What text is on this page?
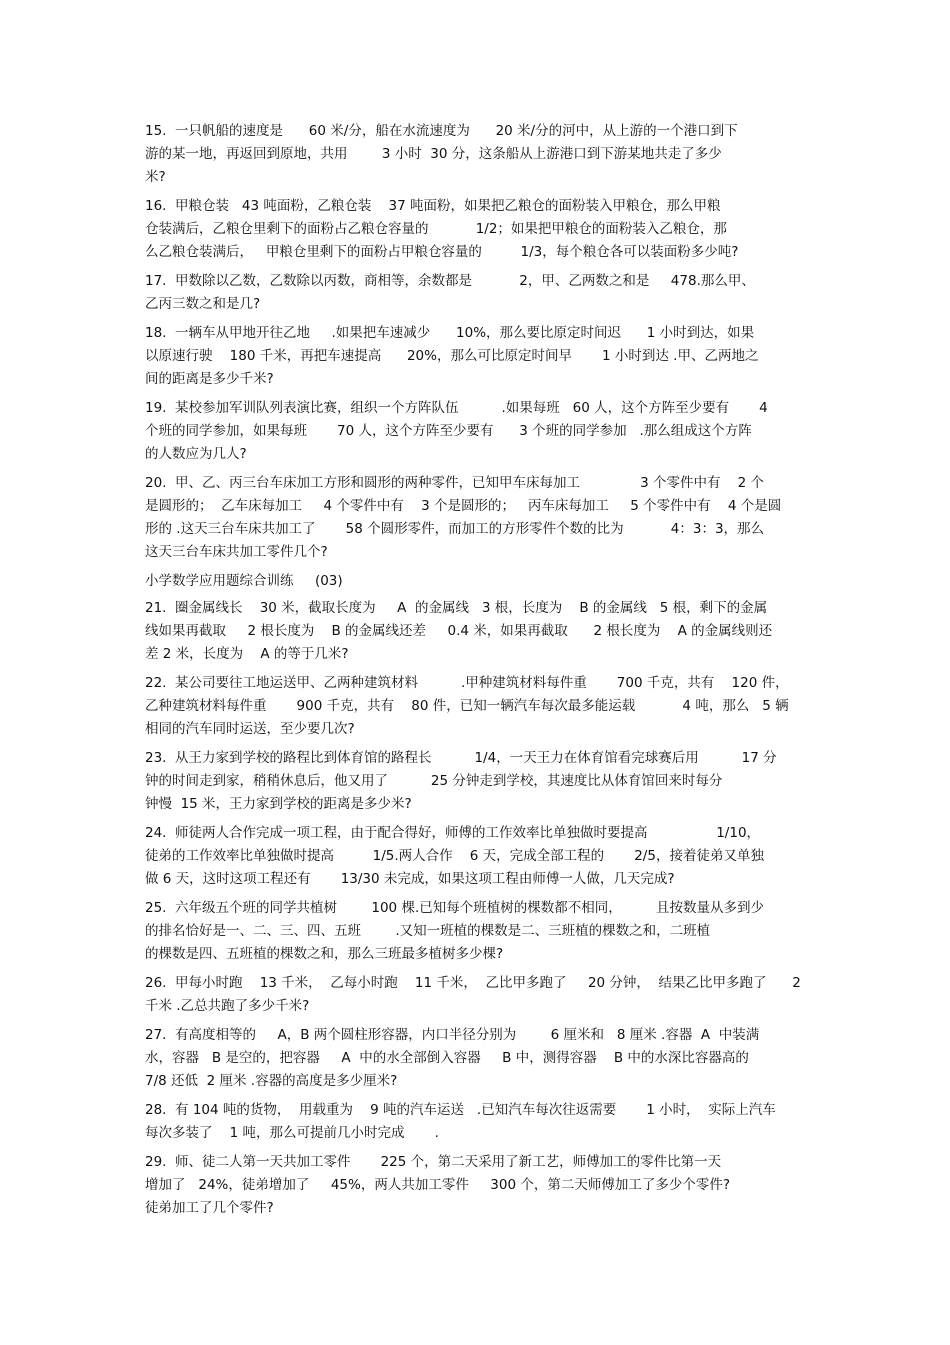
15.  一只帆船的速度是      60 米/分，船在水流速度为      20 米/分的河中，从上游的一个港口到下
游的某一地，再返回到原地，共用        3 小时  30 分，这条船从上游港口到下游某地共走了多少
米?
16.  甲粮仓装   43 吨面粉，乙粮仓装    37 吨面粉，如果把乙粮仓的面粉装入甲粮仓，那么甲粮
仓装满后，乙粮仓里剩下的面粉占乙粮仓容量的           1/2；如果把甲粮仓的面粉装入乙粮仓，那
么乙粮仓装满后，   甲粮仓里剩下的面粉占甲粮仓容量的         1/3，每个粮仓各可以装面粉多少吨?
17.  甲数除以乙数，乙数除以丙数，商相等，余数都是           2，甲、乙两数之和是     478.那么甲、
乙丙三数之和是几?
18.  一辆车从甲地开往乙地     .如果把车速减少      10%，那么要比原定时间迟      1 小时到达，如果
以原速行驶    180 千米，再把车速提高      20%，那么可比原定时间早       1 小时到达 .甲、乙两地之
间的距离是多少千米?
19.  某校参加军训队列表演比赛，组织一个方阵队伍          .如果每班   60 人，这个方阵至少要有       4
个班的同学参加，如果每班       70 人，这个方阵至少要有      3 个班的同学参加   .那么组成这个方阵
的人数应为几人?
20.  甲、乙、丙三台车床加工方形和圆形的两种零件，已知甲车床每加工              3 个零件中有    2 个
是圆形的；  乙车床每加工     4 个零件中有    3 个是圆形的；   丙车床每加工     5 个零件中有    4 个是圆
形的 .这天三台车床共加工了       58 个圆形零件，而加工的方形零件个数的比为           4：3：3，那么
这天三台车床共加工零件几个?
小学数学应用题综合训练     (03)
21.  圈金属线长    30 米，截取长度为     A  的金属线   3 根，长度为    B 的金属线   5 根，剩下的金属
线如果再截取     2 根长度为    B 的金属线还差     0.4 米，如果再截取      2 根长度为    A 的金属线则还
差 2 米，长度为    A 的等于几米?
22.  某公司要往工地运送甲、乙两种建筑材料          .甲种建筑材料每件重       700 千克，共有    120 件，
乙种建筑材料每件重       900 千克，共有    80 件，已知一辆汽车每次最多能运载           4 吨，那么   5 辆
相同的汽车同时运送，至少要几次?
23.  从王力家到学校的路程比到体育馆的路程长          1/4，一天王力在体育馆看完球赛后用          17 分
钟的时间走到家，稍稍休息后，他又用了          25 分钟走到学校，其速度比从体育馆回来时每分
钟慢  15 米，王力家到学校的距离是多少米?
24.  师徒两人合作完成一项工程，由于配合得好，师傅的工作效率比单独做时要提高                1/10，
徒弟的工作效率比单独做时提高         1/5.两人合作    6 天，完成全部工程的       2/5，接着徒弟又单独
做 6 天，这时这项工程还有       13/30 未完成，如果这项工程由师傅一人做，几天完成?
25.  六年级五个班的同学共植树        100 棵.已知每个班植树的棵数都不相同，        且按数量从多到少
的排名恰好是一、二、三、四、五班        .又知一班植的棵数是二、三班植的棵数之和，二班植
的棵数是四、五班植的棵数之和，那么三班最多植树多少棵?
26.  甲每小时跑    13 千米，  乙每小时跑    11 千米，  乙比甲多跑了     20 分钟，  结果乙比甲多跑了      2
千米 .乙总共跑了多少千米?
27.  有高度相等的     A，B 两个圆柱形容器，内口半径分别为        6 厘米和   8 厘米 .容器  A  中装满
水，容器   B 是空的，把容器     A  中的水全部倒入容器     B 中，测得容器    B 中的水深比容器高的
7/8 还低  2 厘米 .容器的高度是多少厘米?
28.  有 104 吨的货物，  用载重为    9 吨的汽车运送   .已知汽车每次往返需要       1 小时，  实际上汽车
每次多装了    1 吨，那么可提前几小时完成       .
29.  师、徒二人第一天共加工零件       225 个，第二天采用了新工艺，师傅加工的零件比第一天
增加了   24%，徒弟增加了     45%，两人共加工零件     300 个，第二天师傅加工了多少个零件?
徒弟加工了几个零件?
